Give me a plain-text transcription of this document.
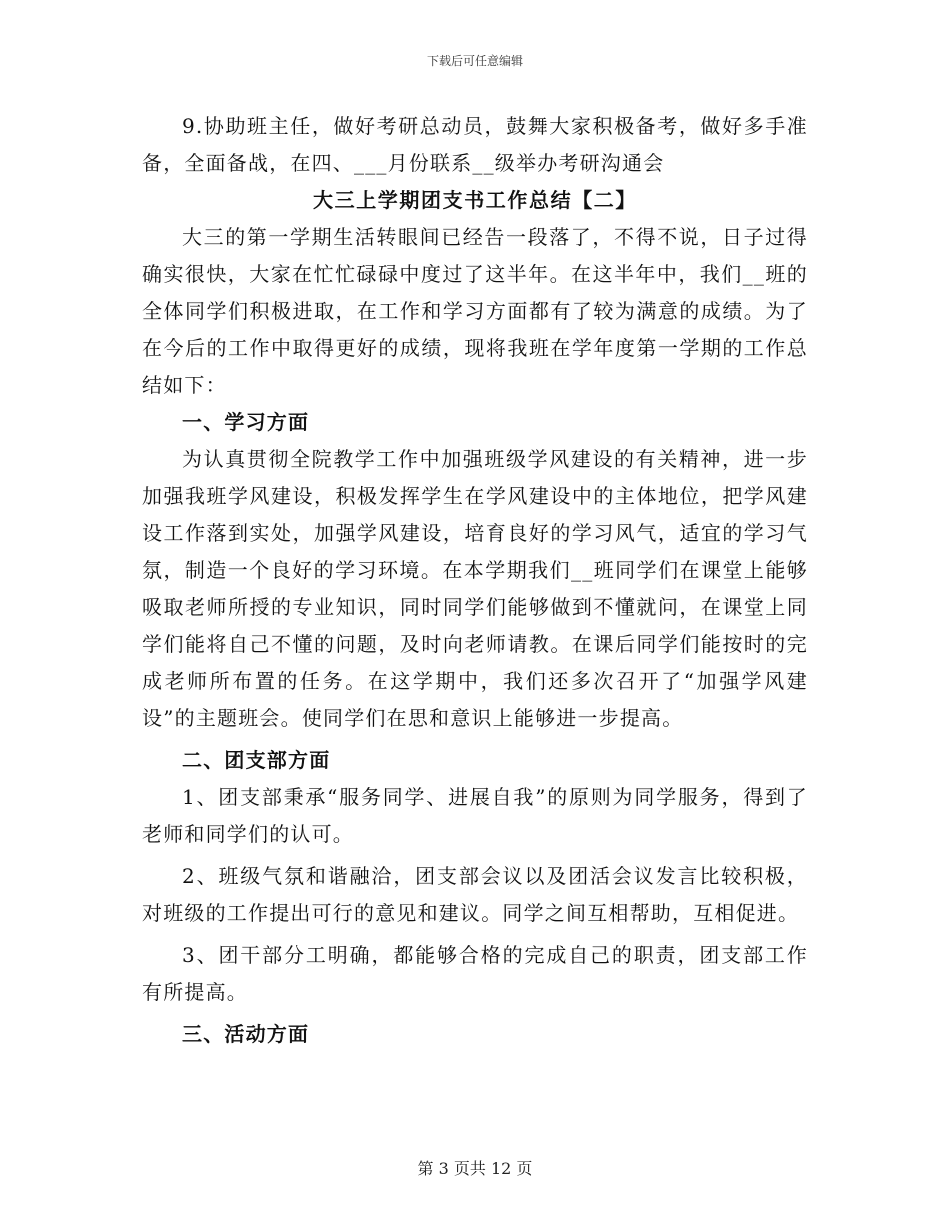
下载后可任意编辑

9.协助班主任，做好考研总动员，鼓舞大家积极备考，做好多手准备，全面备战，在四、___月份联系__级举办考研沟通会

大三上学期团支书工作总结【二】

大三的第一学期生活转眼间已经告一段落了，不得不说，日子过得确实很快，大家在忙忙碌碌中度过了这半年。在这半年中，我们__班的全体同学们积极进取，在工作和学习方面都有了较为满意的成绩。为了在今后的工作中取得更好的成绩，现将我班在学年度第一学期的工作总结如下：

一、学习方面

为认真贯彻全院教学工作中加强班级学风建设的有关精神，进一步加强我班学风建设，积极发挥学生在学风建设中的主体地位，把学风建设工作落到实处，加强学风建设，培育良好的学习风气，适宜的学习气氛，制造一个良好的学习环境。在本学期我们__班同学们在课堂上能够吸取老师所授的专业知识，同时同学们能够做到不懂就问，在课堂上同学们能将自己不懂的问题，及时向老师请教。在课后同学们能按时的完成老师所布置的任务。在这学期中，我们还多次召开了“加强学风建设”的主题班会。使同学们在思和意识上能够进一步提高。

二、团支部方面

1、团支部秉承“服务同学、进展自我”的原则为同学服务，得到了老师和同学们的认可。

2、班级气氛和谐融洽，团支部会议以及团活会议发言比较积极，对班级的工作提出可行的意见和建议。同学之间互相帮助，互相促进。

3、团干部分工明确，都能够合格的完成自己的职责，团支部工作有所提高。

三、活动方面

第 3 页共 12 页
